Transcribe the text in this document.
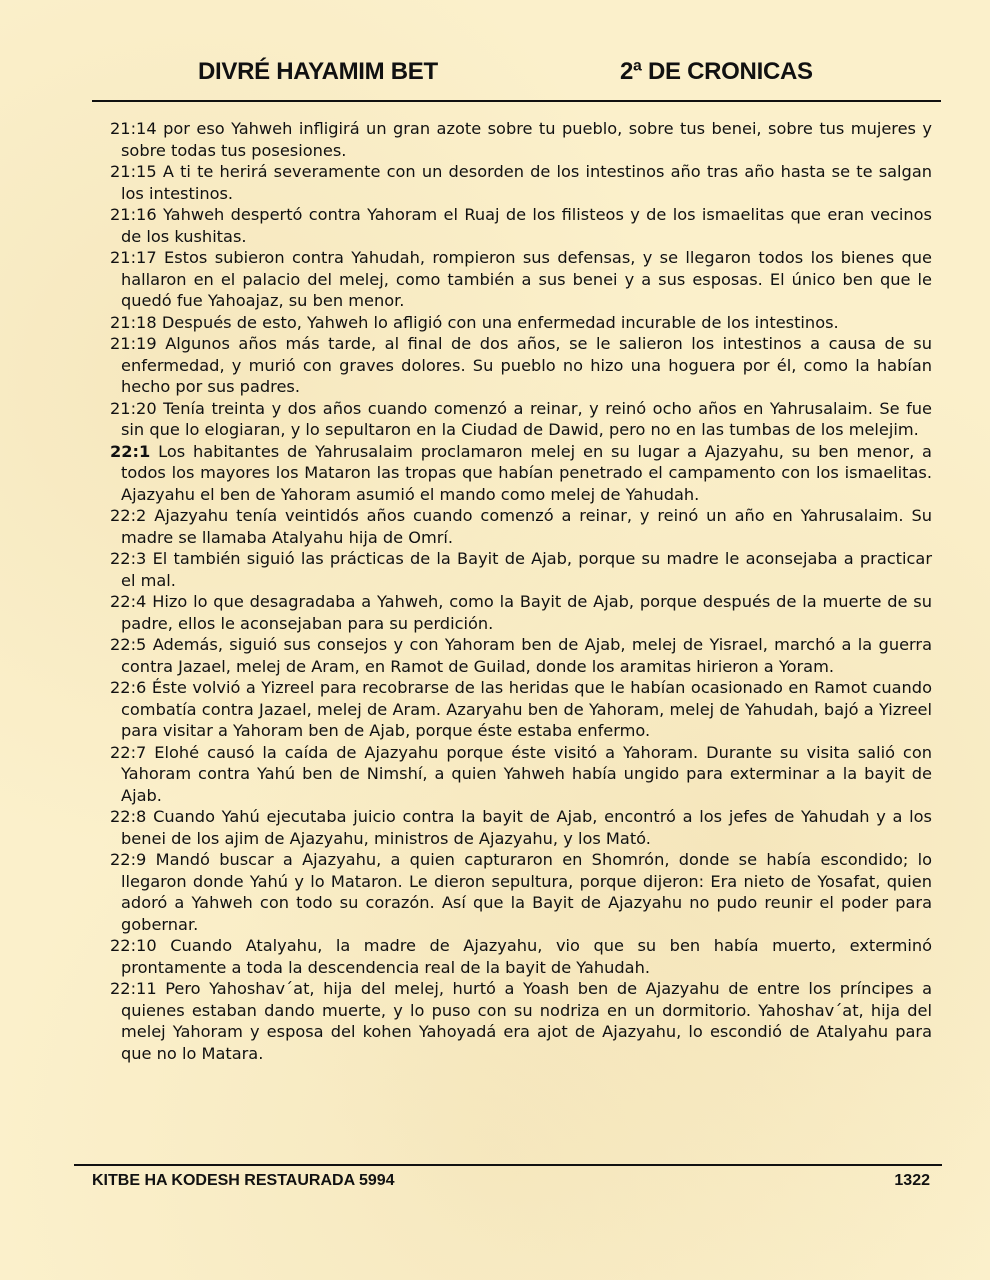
DIVRÉ HAYAMIM BET	2ª DE CRONICAS

21:14 por eso Yahweh infligirá un gran azote sobre tu pueblo, sobre tus benei, sobre tus mujeres y sobre todas tus posesiones.

21:15 A ti te herirá severamente con un desorden de los intestinos año tras año hasta se te salgan los intestinos.

21:16 Yahweh despertó contra Yahoram el Ruaj de los filisteos y de los ismaelitas que eran vecinos de los kushitas.

21:17 Estos subieron contra Yahudah, rompieron sus defensas, y se llegaron todos los bienes que hallaron en el palacio del melej, como también a sus benei y a sus esposas. El único ben que le quedó fue Yahoajaz, su ben menor.

21:18 Después de esto, Yahweh lo afligió con una enfermedad incurable de los intestinos.

21:19 Algunos años más tarde, al final de dos años, se le salieron los intestinos a causa de su enfermedad, y murió con graves dolores. Su pueblo no hizo una hoguera por él, como la habían hecho por sus padres.

21:20 Tenía treinta y dos años cuando comenzó a reinar, y reinó ocho años en Yahrusalaim. Se fue sin que lo elogiaran, y lo sepultaron en la Ciudad de Dawid, pero no en las tumbas de los melejim.

22:1 Los habitantes de Yahrusalaim proclamaron melej en su lugar a Ajazyahu, su ben menor, a todos los mayores los Mataron las tropas que habían penetrado el campamento con los ismaelitas. Ajazyahu el ben de Yahoram asumió el mando como melej de Yahudah.

22:2 Ajazyahu tenía veintidós años cuando comenzó a reinar, y reinó un año en Yahrusalaim. Su madre se llamaba Atalyahu hija de Omrí.

22:3 El también siguió las prácticas de la Bayit de Ajab, porque su madre le aconsejaba a practicar el mal.

22:4 Hizo lo que desagradaba a Yahweh, como la Bayit de Ajab, porque después de la muerte de su padre, ellos le aconsejaban para su perdición.

22:5 Además, siguió sus consejos y con Yahoram ben de Ajab, melej de Yisrael, marchó a la guerra contra Jazael, melej de Aram, en Ramot de Guilad, donde los aramitas hirieron a Yoram.

22:6 Éste volvió a Yizreel para recobrarse de las heridas que le habían ocasionado en Ramot cuando combatía contra Jazael, melej de Aram. Azaryahu ben de Yahoram, melej de Yahudah, bajó a Yizreel para visitar a Yahoram ben de Ajab, porque éste estaba enfermo.

22:7 Elohé causó la caída de Ajazyahu porque éste visitó a Yahoram. Durante su visita salió con Yahoram contra Yahú ben de Nimshí, a quien Yahweh había ungido para exterminar a la bayit de Ajab.

22:8 Cuando Yahú ejecutaba juicio contra la bayit de Ajab, encontró a los jefes de Yahudah y a los benei de los ajim de Ajazyahu, ministros de Ajazyahu, y los Mató.

22:9 Mandó buscar a Ajazyahu, a quien capturaron en Shomrón, donde se había escondido; lo llegaron donde Yahú y lo Mataron. Le dieron sepultura, porque dijeron: Era nieto de Yosafat, quien adoró a Yahweh con todo su corazón. Así que la Bayit de Ajazyahu no pudo reunir el poder para gobernar.

22:10 Cuando Atalyahu, la madre de Ajazyahu, vio que su ben había muerto, exterminó prontamente a toda la descendencia real de la bayit de Yahudah.

22:11 Pero Yahoshav´at, hija del melej, hurtó a Yoash ben de Ajazyahu de entre los príncipes a quienes estaban dando muerte, y lo puso con su nodriza en un dormitorio. Yahoshav´at, hija del melej Yahoram y esposa del kohen Yahoyadá era ajot de Ajazyahu, lo escondió de Atalyahu para que no lo Matara.

KITBE HA KODESH RESTAURADA 5994	1322
